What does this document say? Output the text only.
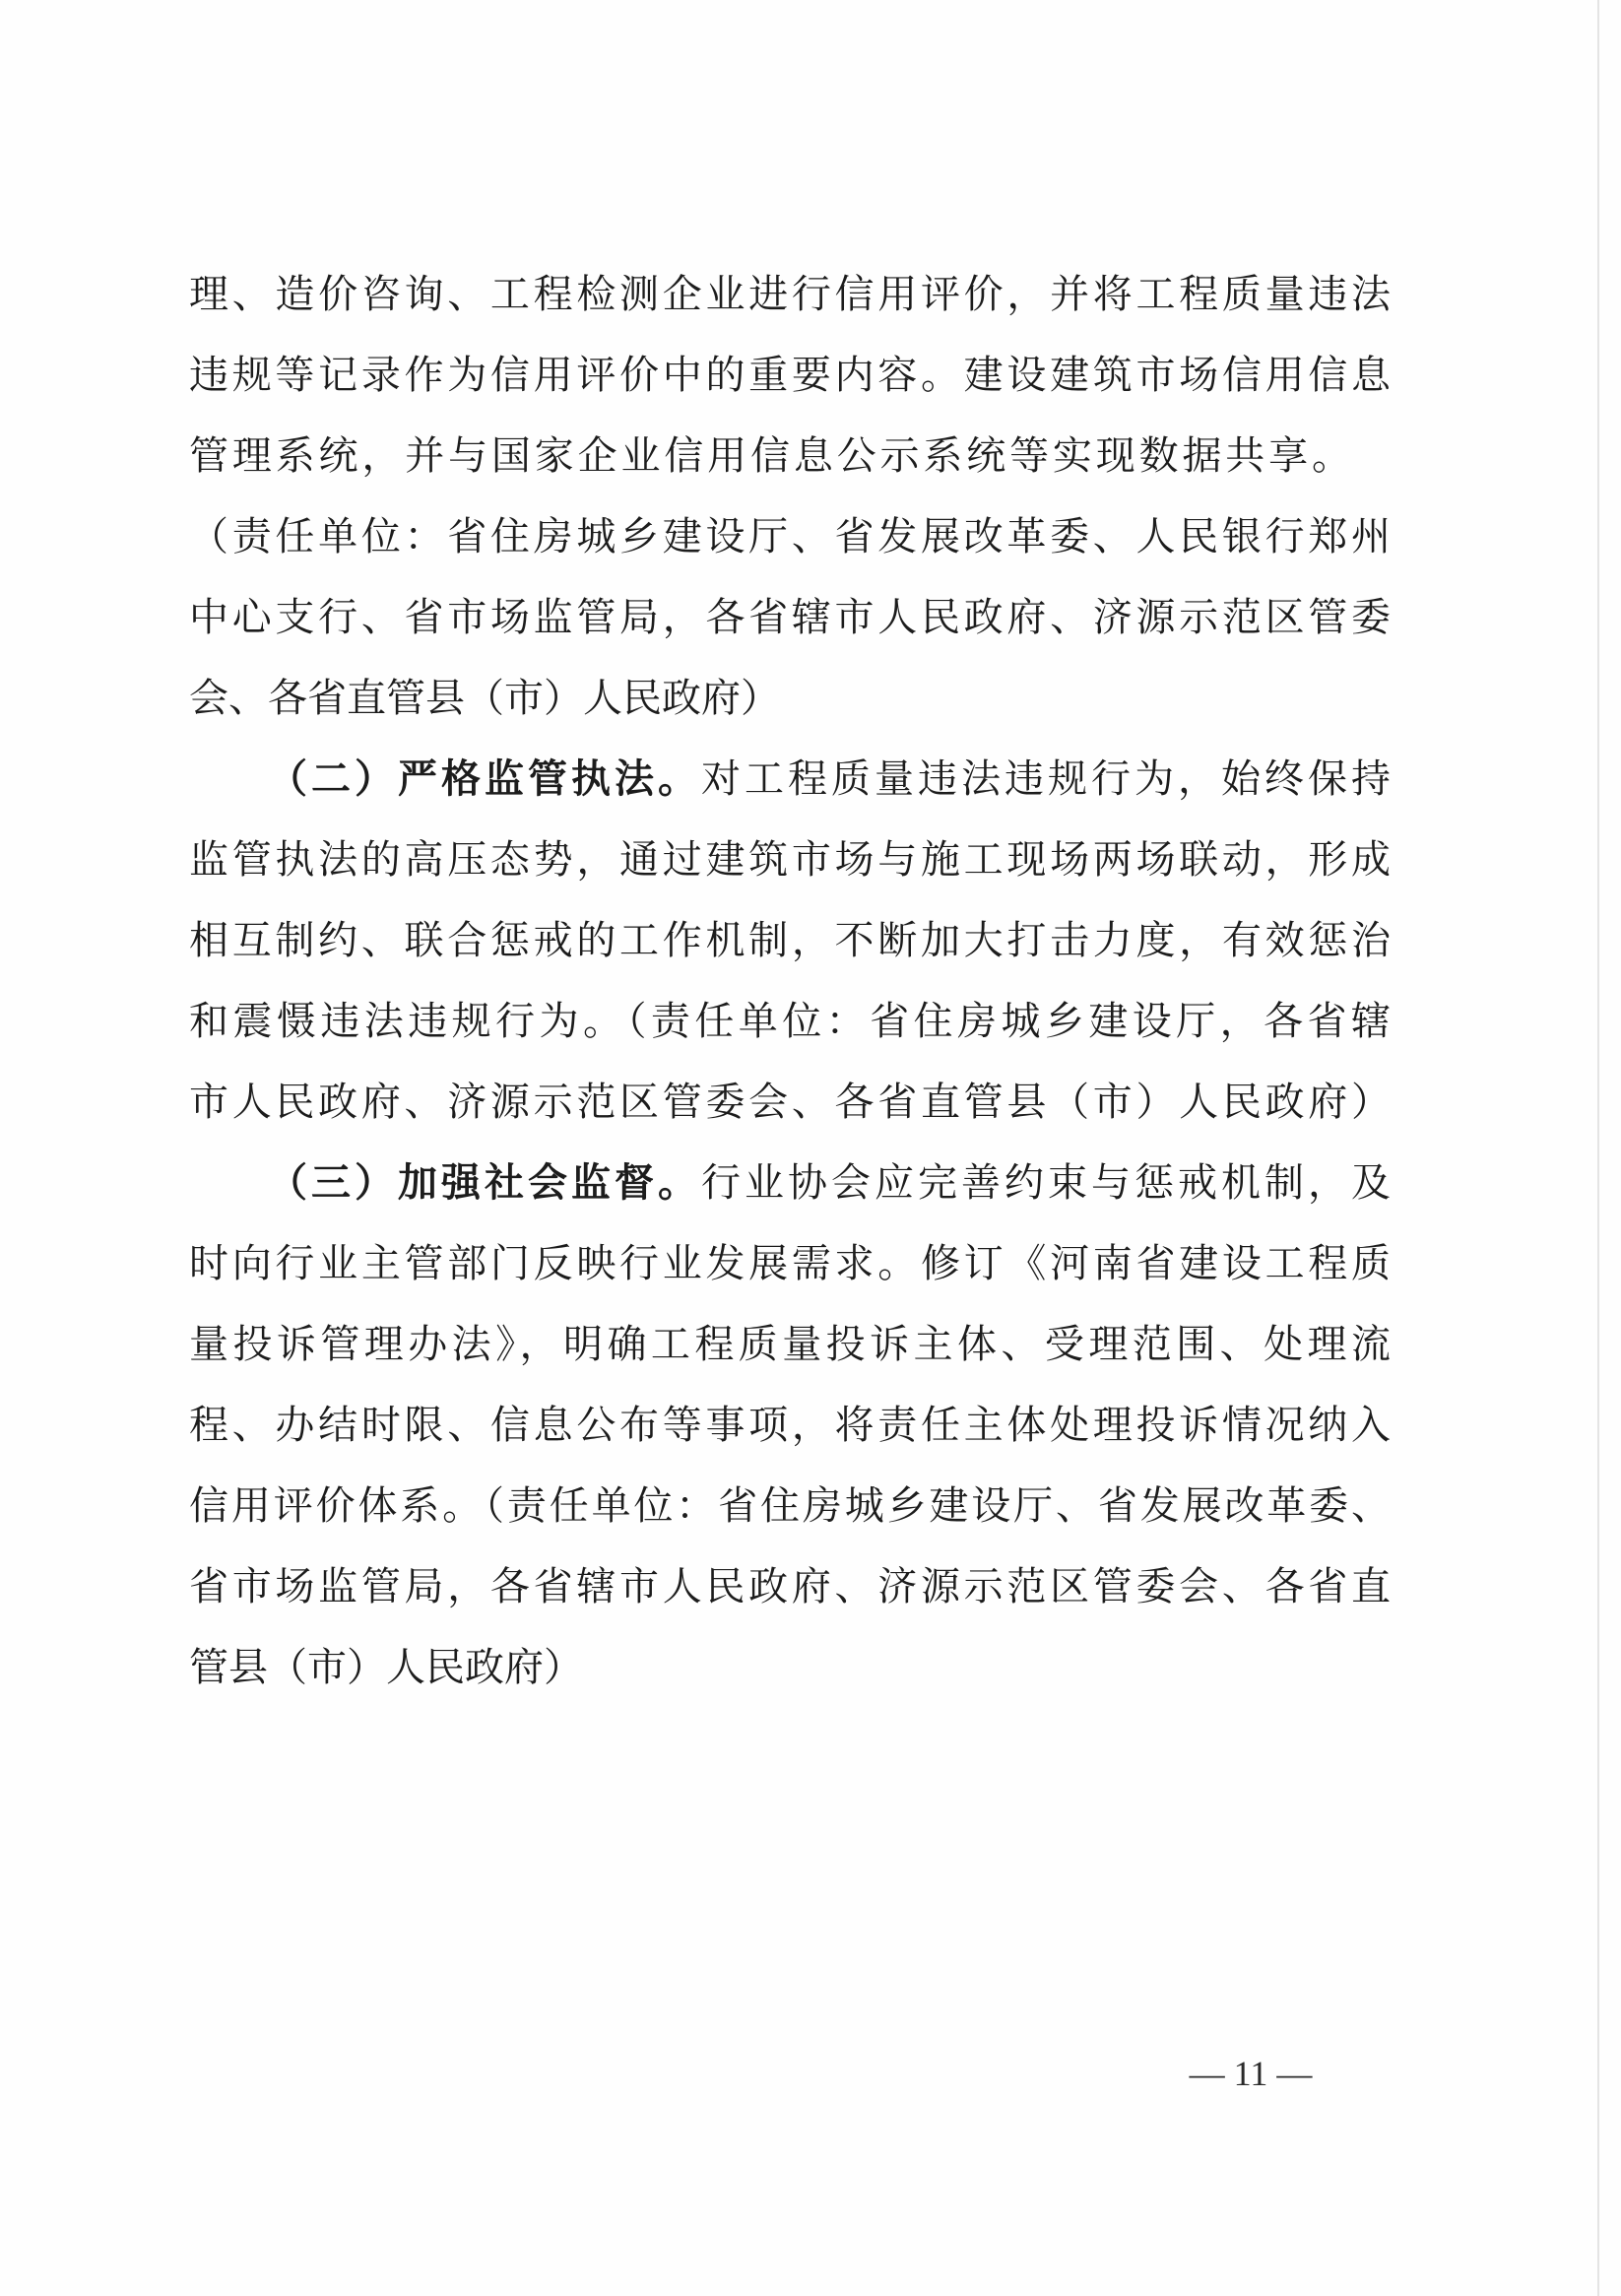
理、造价咨询、工程检测企业进行信用评价，并将工程质量违法
违规等记录作为信用评价中的重要内容。建设建筑市场信用信息
管理系统，并与国家企业信用信息公示系统等实现数据共享。
（责任单位：省住房城乡建设厅、省发展改革委、人民银行郑州
中心支行、省市场监管局，各省辖市人民政府、济源示范区管委
会、各省直管县（市）人民政府）
（二）严格监管执法。对工程质量违法违规行为，始终保持
监管执法的高压态势，通过建筑市场与施工现场两场联动，形成
相互制约、联合惩戒的工作机制，不断加大打击力度，有效惩治
和震慑违法违规行为。（责任单位：省住房城乡建设厅，各省辖
市人民政府、济源示范区管委会、各省直管县（市）人民政府）
（三）加强社会监督。行业协会应完善约束与惩戒机制，及
时向行业主管部门反映行业发展需求。修订《河南省建设工程质
量投诉管理办法》，明确工程质量投诉主体、受理范围、处理流
程、办结时限、信息公布等事项，将责任主体处理投诉情况纳入
信用评价体系。（责任单位：省住房城乡建设厅、省发展改革委、
省市场监管局，各省辖市人民政府、济源示范区管委会、各省直
管县（市）人民政府）
— 11 —
